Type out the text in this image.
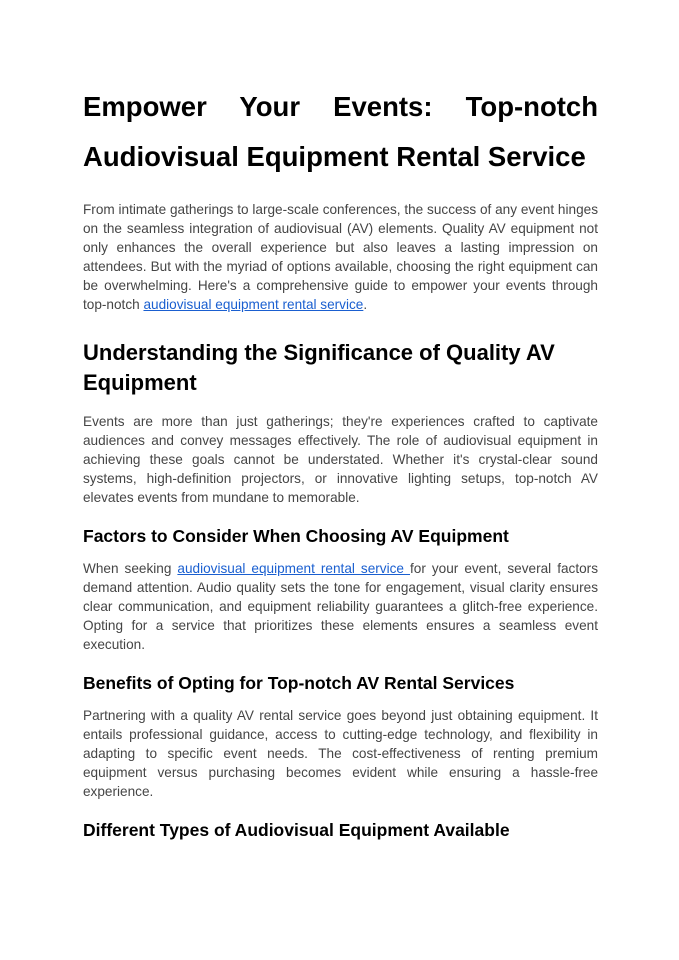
Empower Your Events: Top-notch
Audiovisual Equipment Rental Service

From intimate gatherings to large-scale conferences, the success of any event hinges on the seamless integration of audiovisual (AV) elements. Quality AV equipment not only enhances the overall experience but also leaves a lasting impression on attendees. But with the myriad of options available, choosing the right equipment can be overwhelming. Here's a comprehensive guide to empower your events through top-notch audiovisual equipment rental service.

Understanding the Significance of Quality AV Equipment

Events are more than just gatherings; they're experiences crafted to captivate audiences and convey messages effectively. The role of audiovisual equipment in achieving these goals cannot be understated. Whether it's crystal-clear sound systems, high-definition projectors, or innovative lighting setups, top-notch AV elevates events from mundane to memorable.

Factors to Consider When Choosing AV Equipment

When seeking audiovisual equipment rental service for your event, several factors demand attention. Audio quality sets the tone for engagement, visual clarity ensures clear communication, and equipment reliability guarantees a glitch-free experience. Opting for a service that prioritizes these elements ensures a seamless event execution.

Benefits of Opting for Top-notch AV Rental Services

Partnering with a quality AV rental service goes beyond just obtaining equipment. It entails professional guidance, access to cutting-edge technology, and flexibility in adapting to specific event needs. The cost-effectiveness of renting premium equipment versus purchasing becomes evident while ensuring a hassle-free experience.

Different Types of Audiovisual Equipment Available
